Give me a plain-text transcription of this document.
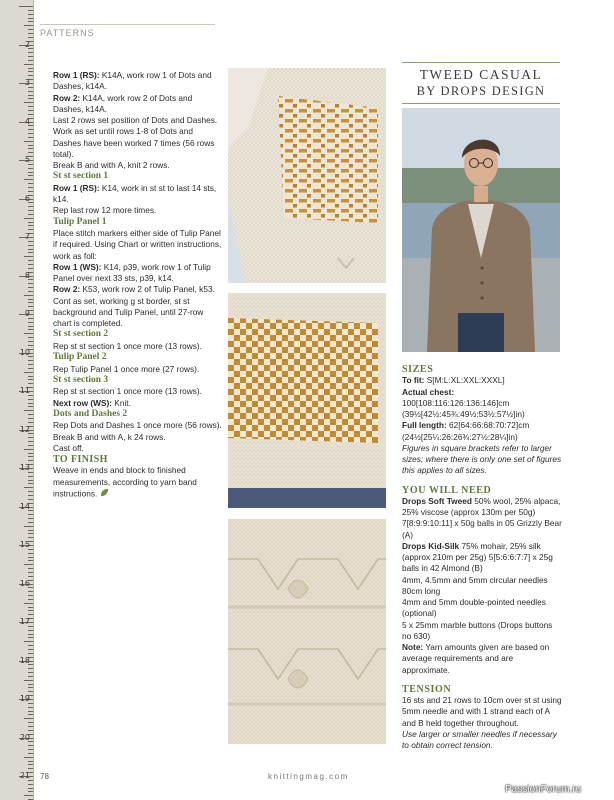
2
3
4
5
6
7
8
9
10
11
12
13
14
15
16
17
18
19
20
21
PATTERNS

Row 1 (RS): K14A, work row 1 of Dots and Dashes, k14A.

Row 2: K14A, work row 2 of Dots and Dashes, k14A.

Last 2 rows set position of Dots and Dashes. Work as set until rows 1-8 of Dots and Dashes have been worked 7 times (56 rows total).

Break B and with A, knit 2 rows.

St st section 1

Row 1 (RS): K14, work in st st to last 14 sts, k14.

Rep last row 12 more times.

Tulip Panel 1

Place stitch markers either side of Tulip Panel if required. Using Chart or written instructions, work as foll:

Row 1 (WS): K14, p39, work row 1 of Tulip Panel over next 33 sts, p39, k14.

Row 2: K53, work row 2 of Tulip Panel, k53.

Cont as set, working g st border, st st background and Tulip Panel, until 27-row chart is completed.

St st section 2

Rep st st section 1 once more (13 rows).

Tulip Panel 2

Rep Tulip Panel 1 once more (27 rows).

St st section 3

Rep st st section 1 once more (13 rows).

Next row (WS): Knit.

Dots and Dashes 2

Rep Dots and Dashes 1 once more (56 rows).

Break B and with A, k 24 rows.

Cast off.

TO FINISH

Weave in ends and block to finished measurements, according to yarn band instructions.

TWEED CASUAL
BY DROPS DESIGN

SIZES

To fit: S[M:L:XL:XXL:XXXL]

Actual chest: 100[108:116:126:136:146]cm (39½[42½:45¾:49½:53½:57½]in)

Full length: 62[64:66:68:70:72]cm (24½[25¼:26:26¾:27½:28¼]in)

Figures in square brackets refer to larger sizes; where there is only one set of figures this applies to all sizes.

YOU WILL NEED

Drops Soft Tweed 50% wool, 25% alpaca, 25% viscose (approx 130m per 50g) 7[8:9:9:10:11] x 50g balls in 05 Grizzly Bear (A)

Drops Kid-Silk 75% mohair, 25% silk (approx 210m per 25g) 5[5:6:6:7:7] x 25g balls in 42 Almond (B)

4mm, 4.5mm and 5mm circular needles 80cm long

4mm and 5mm double-pointed needles (optional)

5 x 25mm marble buttons (Drops buttons no 630)

Note: Yarn amounts given are based on average requirements and are approximate.

TENSION

16 sts and 21 rows to 10cm over st st using 5mm needle and with 1 strand each of A and B held together throughout.

Use larger or smaller needles if necessary to obtain correct tension.

78	knittingmag.com
PassionForum.ru
